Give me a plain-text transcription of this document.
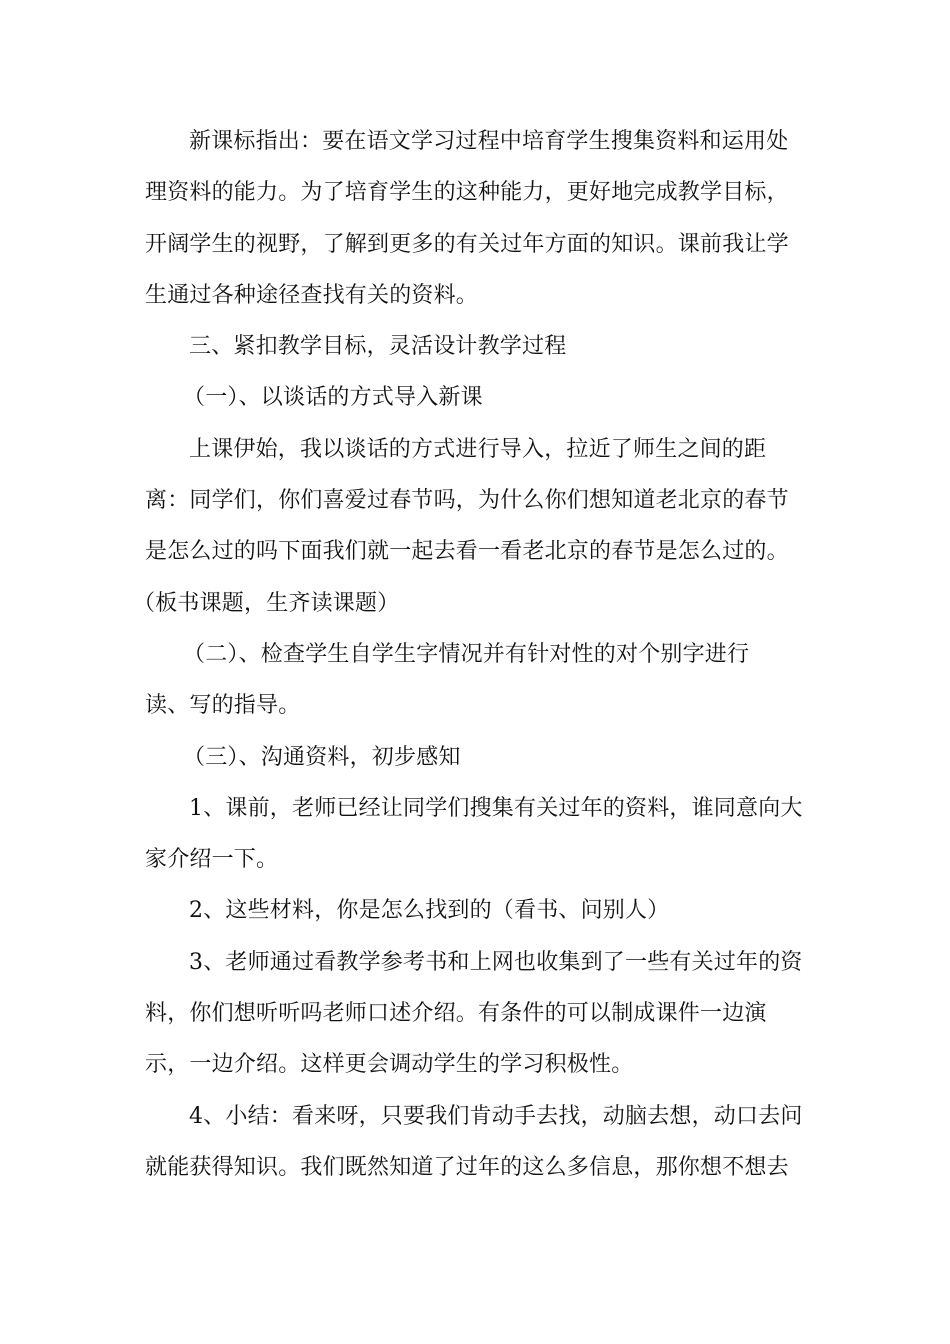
新课标指出：要在语文学习过程中培育学生搜集资料和运用处
理资料的能力。为了培育学生的这种能力，更好地完成教学目标，
开阔学生的视野，了解到更多的有关过年方面的知识。课前我让学
生通过各种途径查找有关的资料。
三、紧扣教学目标，灵活设计教学过程
（一）、以谈话的方式导入新课
上课伊始，我以谈话的方式进行导入，拉近了师生之间的距
离：同学们，你们喜爱过春节吗，为什么你们想知道老北京的春节
是怎么过的吗下面我们就一起去看一看老北京的春节是怎么过的。
（板书课题，生齐读课题）
（二）、检查学生自学生字情况并有针对性的对个别字进行
读、写的指导。
（三）、沟通资料，初步感知
1、课前，老师已经让同学们搜集有关过年的资料，谁同意向大
家介绍一下。
2、这些材料，你是怎么找到的（看书、问别人）
3、老师通过看教学参考书和上网也收集到了一些有关过年的资
料，你们想听听吗老师口述介绍。有条件的可以制成课件一边演
示，一边介绍。这样更会调动学生的学习积极性。
4、小结：看来呀，只要我们肯动手去找，动脑去想，动口去问
就能获得知识。我们既然知道了过年的这么多信息，那你想不想去
